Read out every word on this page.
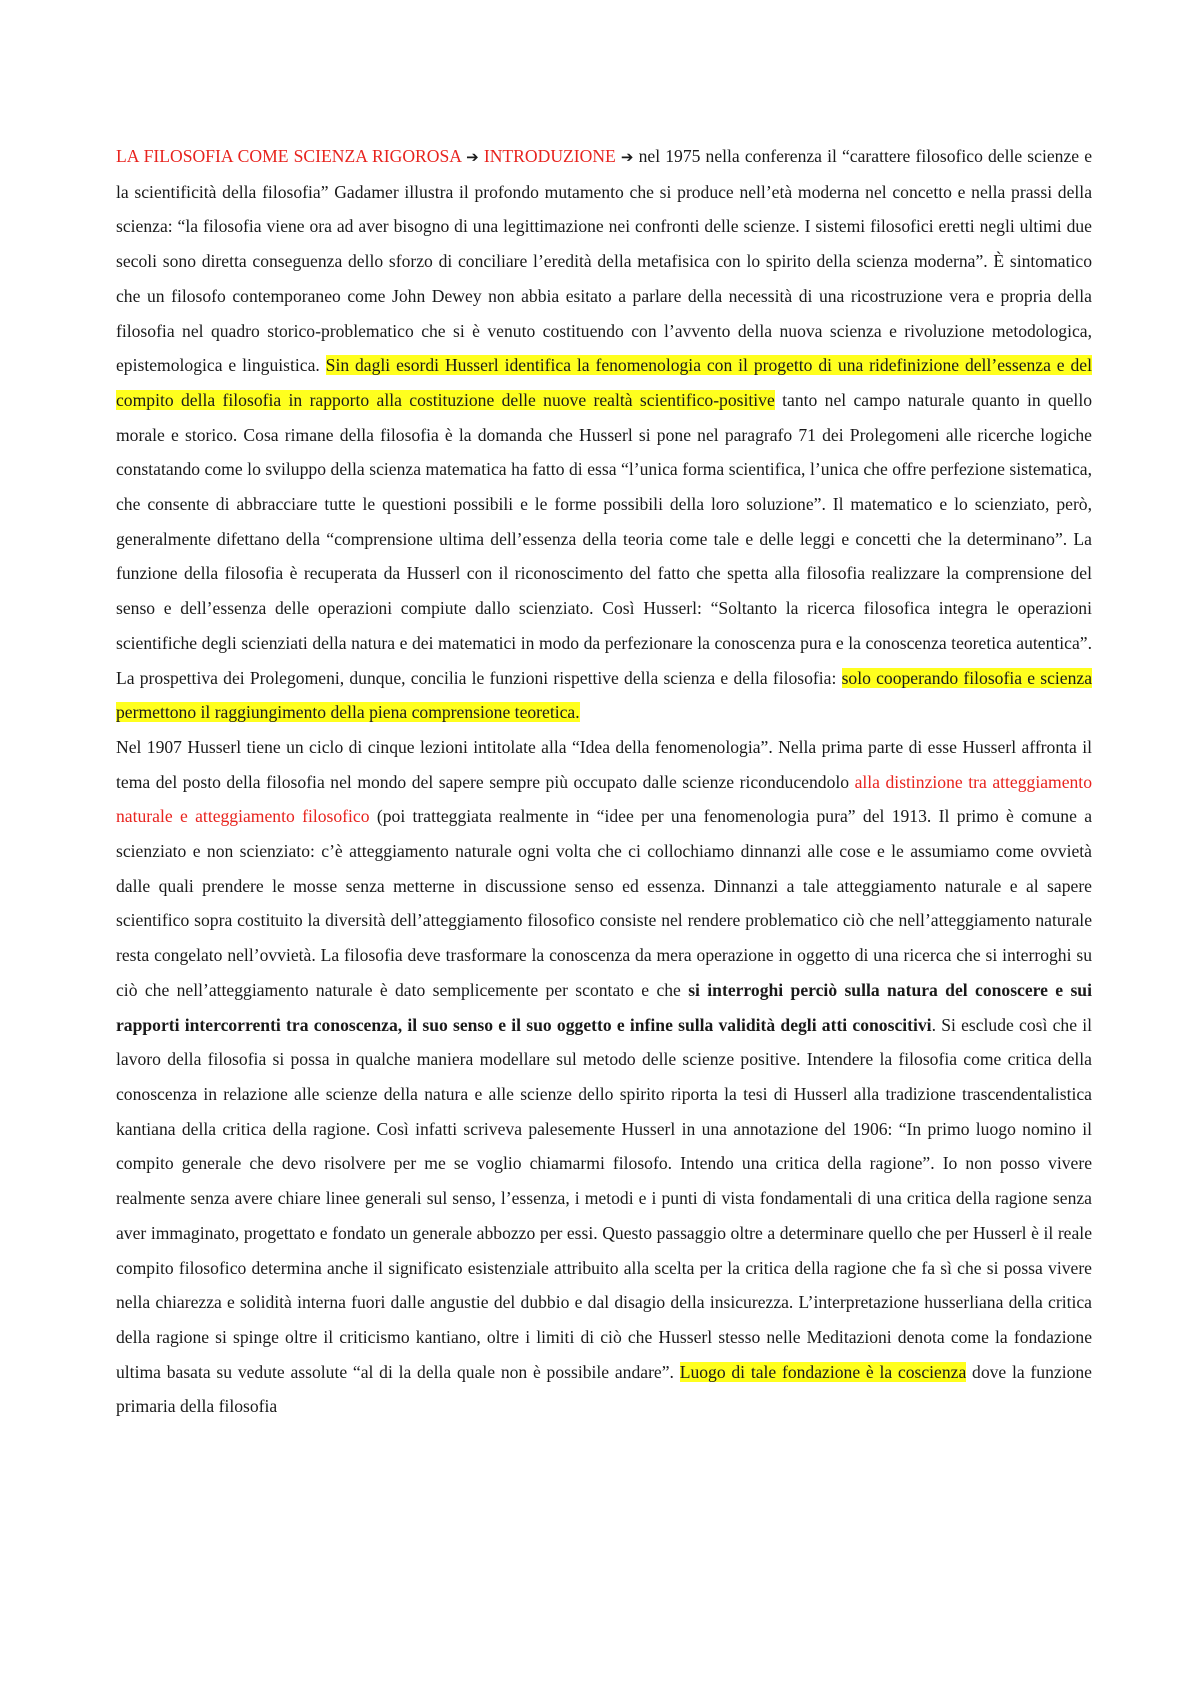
LA FILOSOFIA COME SCIENZA RIGOROSA ➔ INTRODUZIONE ➔ nel 1975 nella conferenza il “carattere filosofico delle scienze e la scientificità della filosofia” Gadamer illustra il profondo mutamento che si produce nell’età moderna nel concetto e nella prassi della scienza: “la filosofia viene ora ad aver bisogno di una legittimazione nei confronti delle scienze. I sistemi filosofici eretti negli ultimi due secoli sono diretta conseguenza dello sforzo di conciliare l’eredità della metafisica con lo spirito della scienza moderna”. È sintomatico che un filosofo contemporaneo come John Dewey non abbia esitato a parlare della necessità di una ricostruzione vera e propria della filosofia nel quadro storico-problematico che si è venuto costituendo con l’avvento della nuova scienza e rivoluzione metodologica, epistemologica e linguistica. Sin dagli esordi Husserl identifica la fenomenologia con il progetto di una ridefinizione dell’essenza e del compito della filosofia in rapporto alla costituzione delle nuove realtà scientifico-positive tanto nel campo naturale quanto in quello morale e storico. Cosa rimane della filosofia è la domanda che Husserl si pone nel paragrafo 71 dei Prolegomeni alle ricerche logiche constatando come lo sviluppo della scienza matematica ha fatto di essa “l’unica forma scientifica, l’unica che offre perfezione sistematica, che consente di abbracciare tutte le questioni possibili e le forme possibili della loro soluzione”. Il matematico e lo scienziato, però, generalmente difettano della “comprensione ultima dell’essenza della teoria come tale e delle leggi e concetti che la determinano”. La funzione della filosofia è recuperata da Husserl con il riconoscimento del fatto che spetta alla filosofia realizzare la comprensione del senso e dell’essenza delle operazioni compiute dallo scienziato. Così Husserl: “Soltanto la ricerca filosofica integra le operazioni scientifiche degli scienziati della natura e dei matematici in modo da perfezionare la conoscenza pura e la conoscenza teoretica autentica”. La prospettiva dei Prolegomeni, dunque, concilia le funzioni rispettive della scienza e della filosofia: solo cooperando filosofia e scienza permettono il raggiungimento della piena comprensione teoretica.

Nel 1907 Husserl tiene un ciclo di cinque lezioni intitolate alla “Idea della fenomenologia”. Nella prima parte di esse Husserl affronta il tema del posto della filosofia nel mondo del sapere sempre più occupato dalle scienze riconducendolo alla distinzione tra atteggiamento naturale e atteggiamento filosofico (poi tratteggiata realmente in “idee per una fenomenologia pura” del 1913. Il primo è comune a scienziato e non scienziato: c’è atteggiamento naturale ogni volta che ci collochiamo dinnanzi alle cose e le assumiamo come ovvietà dalle quali prendere le mosse senza metterne in discussione senso ed essenza. Dinnanzi a tale atteggiamento naturale e al sapere scientifico sopra costituito la diversità dell’atteggiamento filosofico consiste nel rendere problematico ciò che nell’atteggiamento naturale resta congelato nell’ovvietà. La filosofia deve trasformare la conoscenza da mera operazione in oggetto di una ricerca che si interroghi su ciò che nell’atteggiamento naturale è dato semplicemente per scontato e che si interroghi perciò sulla natura del conoscere e sui rapporti intercorrenti tra conoscenza, il suo senso e il suo oggetto e infine sulla validità degli atti conoscitivi. Si esclude così che il lavoro della filosofia si possa in qualche maniera modellare sul metodo delle scienze positive. Intendere la filosofia come critica della conoscenza in relazione alle scienze della natura e alle scienze dello spirito riporta la tesi di Husserl alla tradizione trascendentalistica kantiana della critica della ragione. Così infatti scriveva palesemente Husserl in una annotazione del 1906: “In primo luogo nomino il compito generale che devo risolvere per me se voglio chiamarmi filosofo. Intendo una critica della ragione”. Io non posso vivere realmente senza avere chiare linee generali sul senso, l’essenza, i metodi e i punti di vista fondamentali di una critica della ragione senza aver immaginato, progettato e fondato un generale abbozzo per essi. Questo passaggio oltre a determinare quello che per Husserl è il reale compito filosofico determina anche il significato esistenziale attribuito alla scelta per la critica della ragione che fa sì che si possa vivere nella chiarezza e solidità interna fuori dalle angustie del dubbio e dal disagio della insicurezza. L’interpretazione husserliana della critica della ragione si spinge oltre il criticismo kantiano, oltre i limiti di ciò che Husserl stesso nelle Meditazioni denota come la fondazione ultima basata su vedute assolute “al di la della quale non è possibile andare”. Luogo di tale fondazione è la coscienza dove la funzione primaria della filosofia
